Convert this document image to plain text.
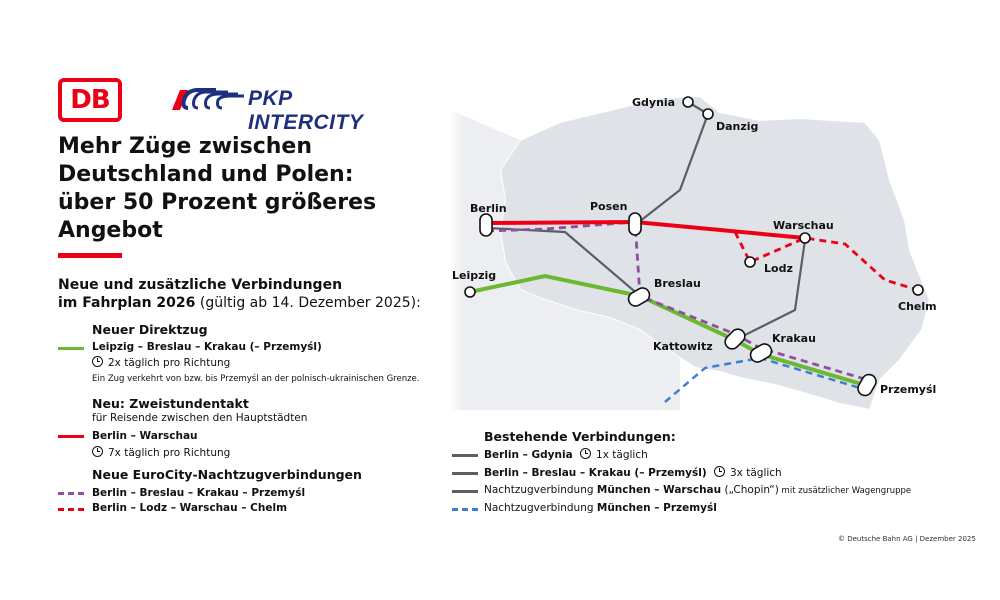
DB	PKP INTERCITY
Mehr Züge zwischen
Deutschland und Polen:
über 50 Prozent größeres
Angebot
Neue und zusätzliche Verbindungen
im Fahrplan 2026 (gültig ab 14. Dezember 2025):
Neuer Direktzug
Leipzig – Breslau – Krakau (– Przemyśl)
2x täglich pro Richtung
Ein Zug verkehrt von bzw. bis Przemyśl an der polnisch-ukrainischen Grenze.
Neu: Zweistundentakt
für Reisende zwischen den Hauptstädten
Berlin – Warschau
7x täglich pro Richtung
Neue EuroCity-Nachtzugverbindungen
Berlin – Breslau – Krakau – Przemyśl
Berlin – Lodz – Warschau – Chelm
Bestehende Verbindungen:
Berlin – Gdynia 1x täglich
Berlin – Breslau – Krakau (– Przemyśl) 3x täglich
Nachtzugverbindung München – Warschau („Chopin“) mit zusätzlicher Wagengruppe
Nachtzugverbindung München – Przemyśl
© Deutsche Bahn AG | Dezember 2025
Gdynia
Danzig
Berlin	Posen
Warschau
Leipzig
Lodz
Breslau
Chelm
Kattowitz
Krakau
Przemyśl
